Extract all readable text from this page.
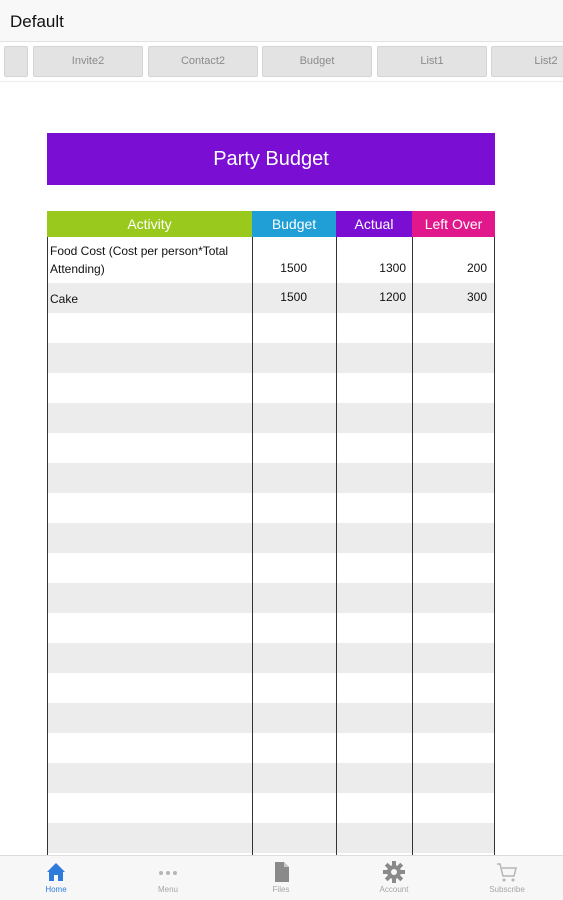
Default
Invite2	Contact2	Budget	List1	List2
Party Budget
Activity	Budget	Actual	Left Over
Food Cost (Cost per person*Total Attending)	1500	1300	200
Cake	1500	1200	300
Home	Menu	Files	Account	Subscribe
